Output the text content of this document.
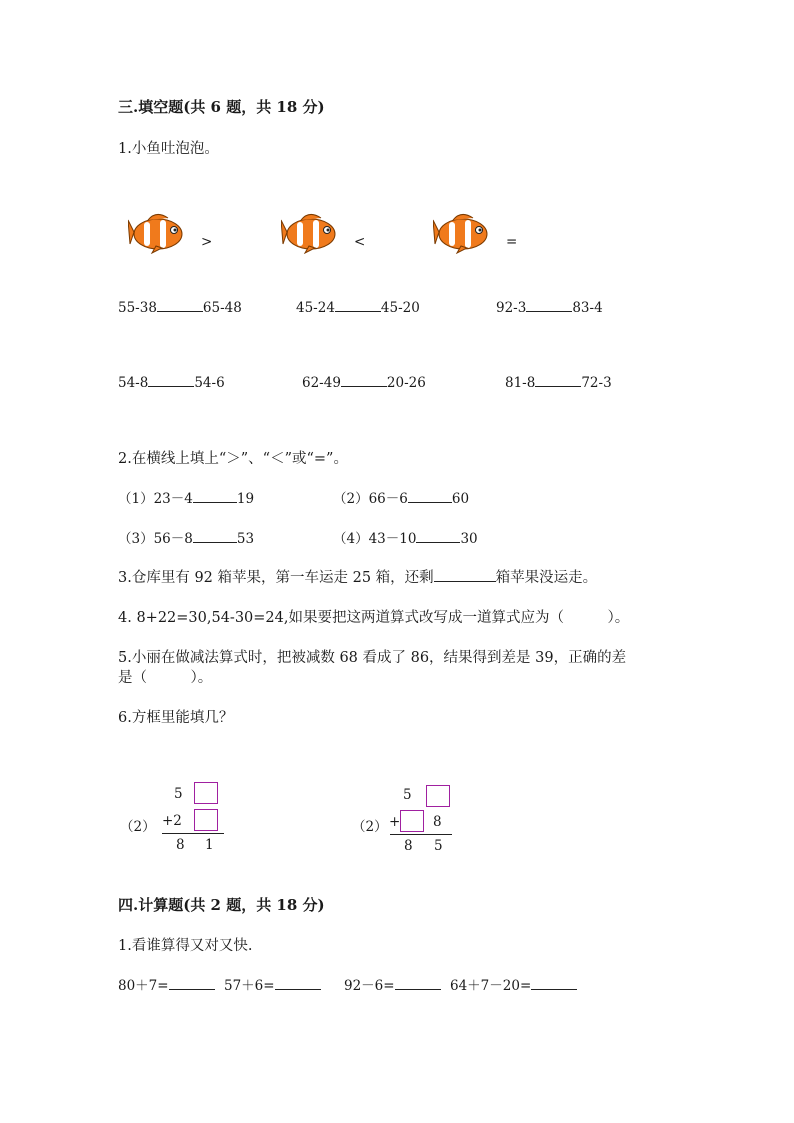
三.填空题(共 6 题，共 18 分)
1.小鱼吐泡泡。
>	<	=
55-38	65-48	45-24	45-20	92-3	83-4
54-8	54-6	62-49	20-26	81-8	72-3
2.在横线上填上“＞”、“＜”或“=”。
（1）23－4	19	（2）66－6	60
（3）56－8	53	（4）43－10	30
3.仓库里有 92 箱苹果，第一车运走 25 箱，还剩	箱苹果没运走。
4. 8+22=30,54-30=24,如果要把这两道算式改写成一道算式应为（　　　）。
5.小丽在做减法算式时，把被减数 68 看成了 86，结果得到差是 39，正确的差
是（　　　）。
6.方框里能填几？
（2）
5
+2
8 1
（2）
5
+ 8
8 5
四.计算题(共 2 题，共 18 分)
1.看谁算得又对又快.
80＋7=	57＋6=	92－6=	64＋7－20=
